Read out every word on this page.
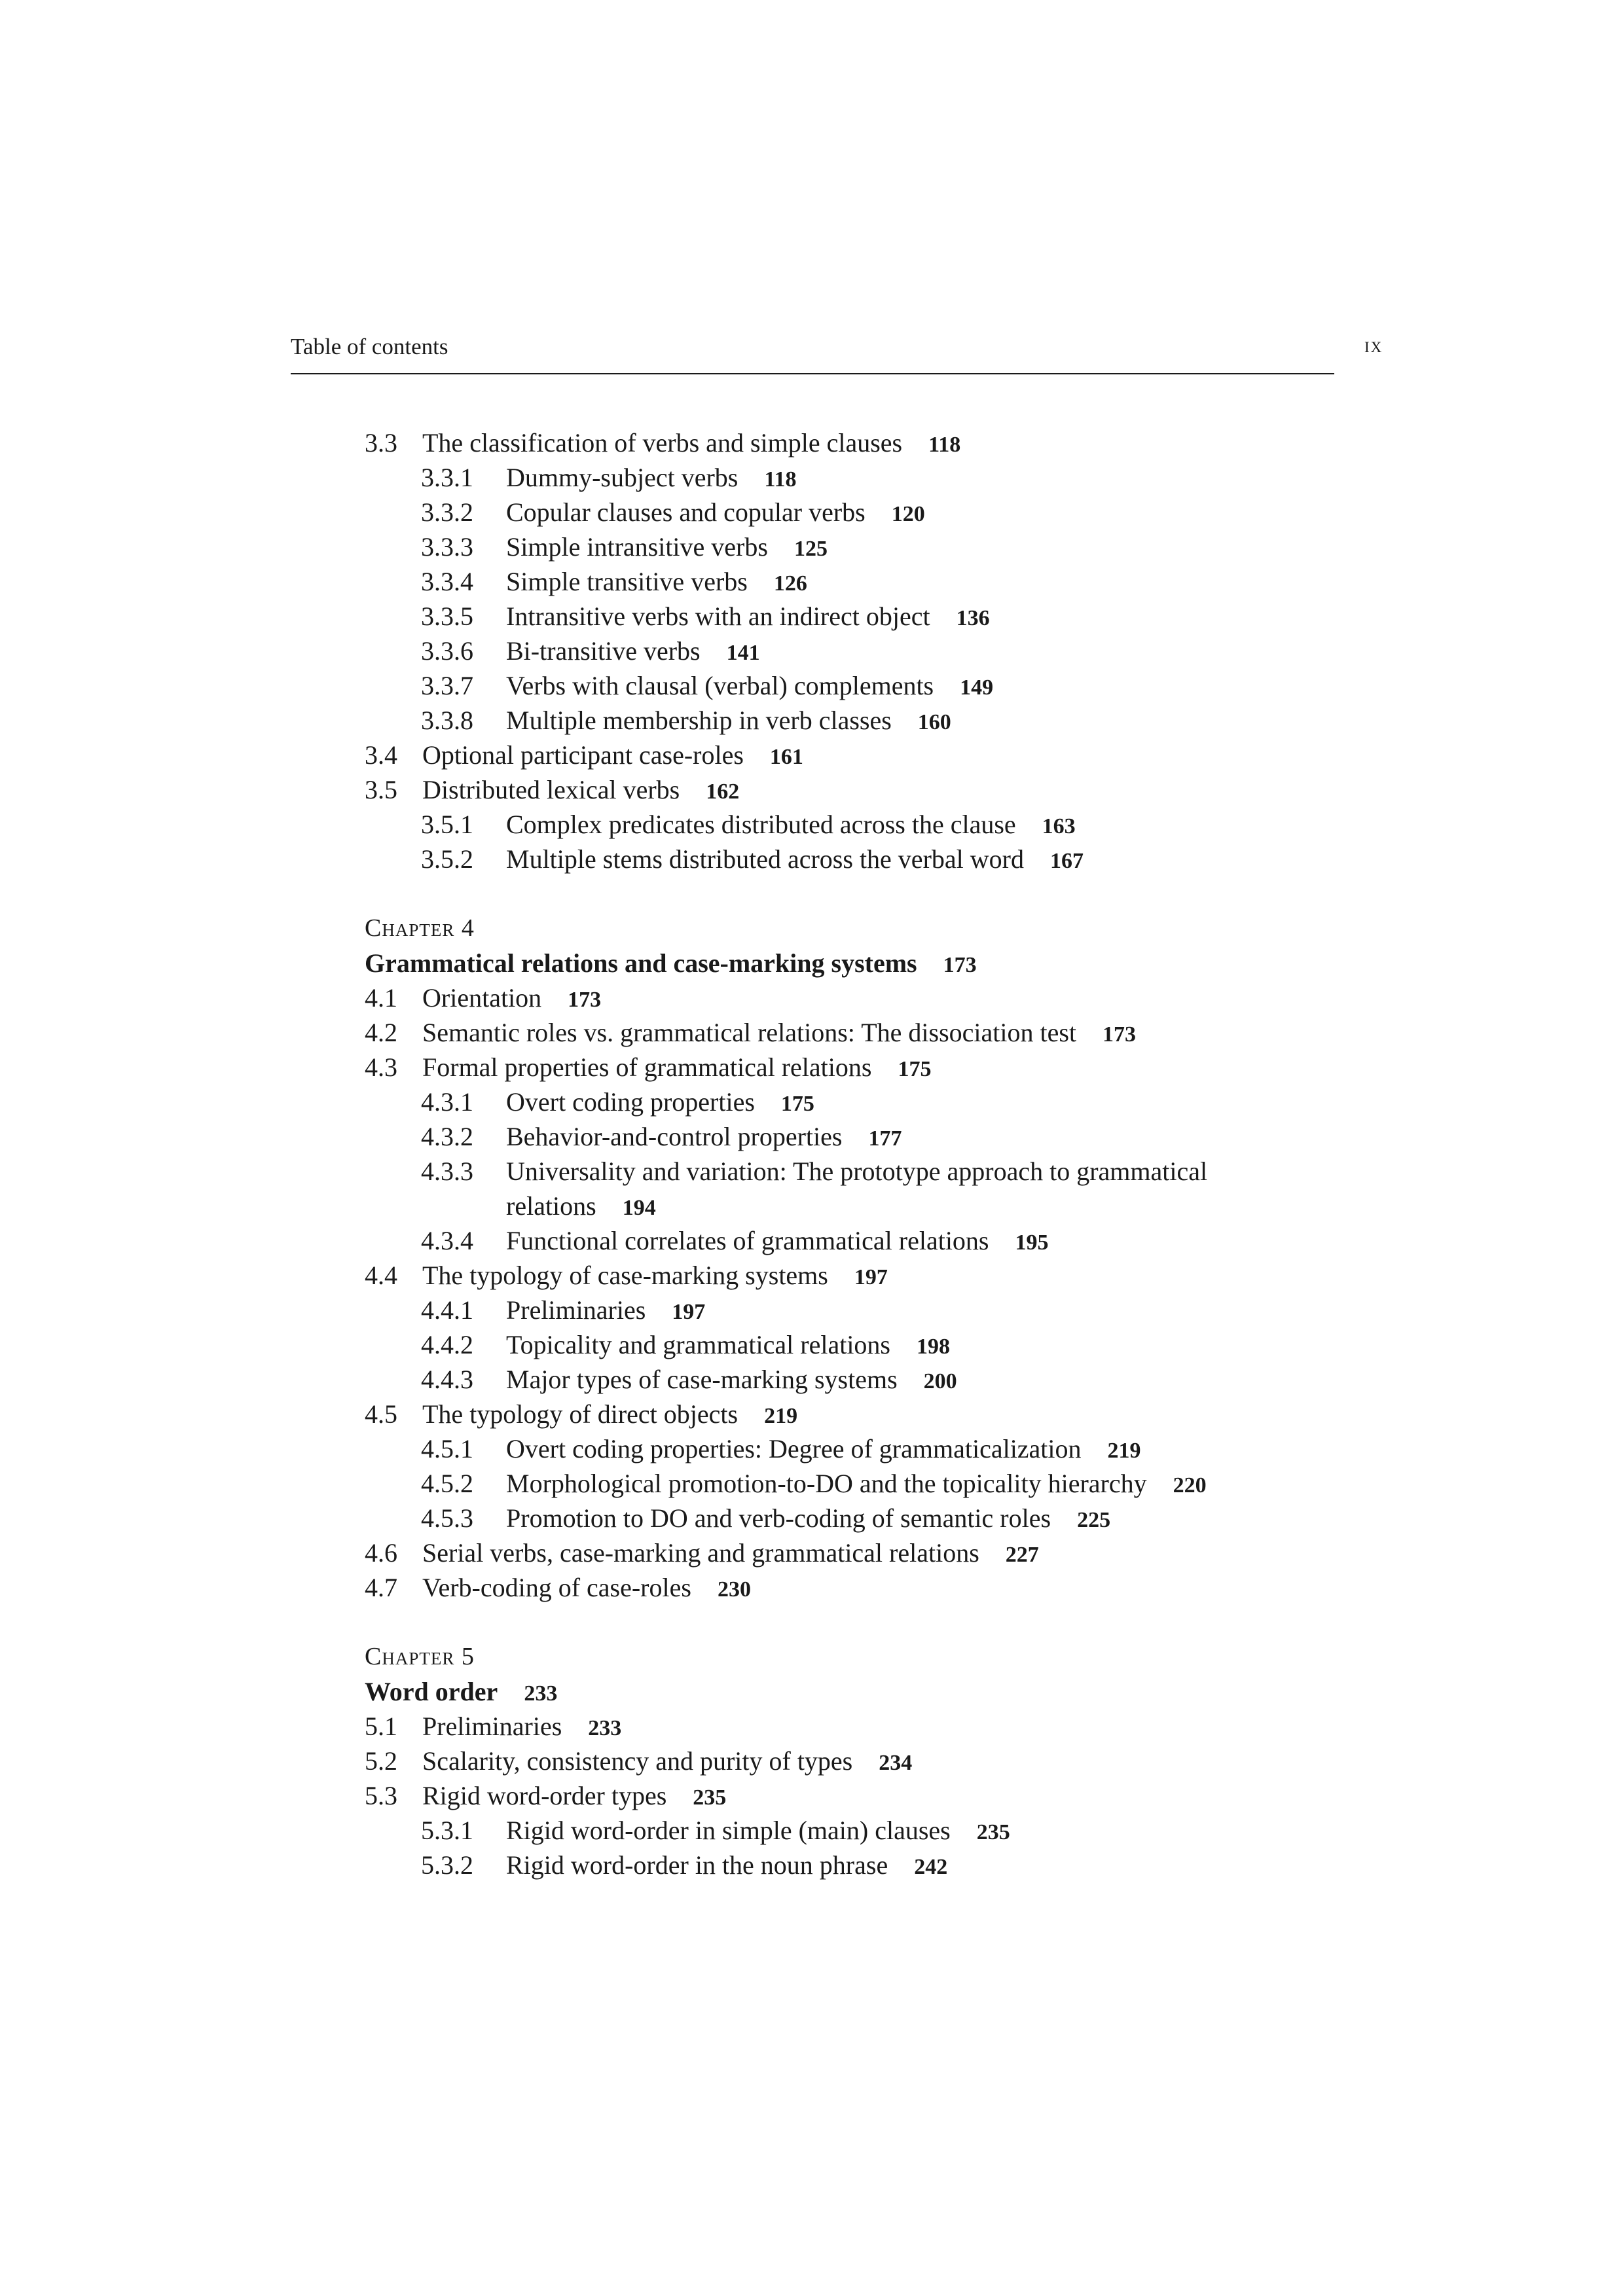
Table of contents	ix
3.3 The classification of verbs and simple clauses 118
3.3.1 Dummy-subject verbs 118
3.3.2 Copular clauses and copular verbs 120
3.3.3 Simple intransitive verbs 125
3.3.4 Simple transitive verbs 126
3.3.5 Intransitive verbs with an indirect object 136
3.3.6 Bi-transitive verbs 141
3.3.7 Verbs with clausal (verbal) complements 149
3.3.8 Multiple membership in verb classes 160
3.4 Optional participant case-roles 161
3.5 Distributed lexical verbs 162
3.5.1 Complex predicates distributed across the clause 163
3.5.2 Multiple stems distributed across the verbal word 167
Chapter 4
Grammatical relations and case-marking systems 173
4.1 Orientation 173
4.2 Semantic roles vs. grammatical relations: The dissociation test 173
4.3 Formal properties of grammatical relations 175
4.3.1 Overt coding properties 175
4.3.2 Behavior-and-control properties 177
4.3.3 Universality and variation: The prototype approach to grammatical
relations 194
4.3.4 Functional correlates of grammatical relations 195
4.4 The typology of case-marking systems 197
4.4.1 Preliminaries 197
4.4.2 Topicality and grammatical relations 198
4.4.3 Major types of case-marking systems 200
4.5 The typology of direct objects 219
4.5.1 Overt coding properties: Degree of grammaticalization 219
4.5.2 Morphological promotion-to-DO and the topicality hierarchy 220
4.5.3 Promotion to DO and verb-coding of semantic roles 225
4.6 Serial verbs, case-marking and grammatical relations 227
4.7 Verb-coding of case-roles 230
Chapter 5
Word order 233
5.1 Preliminaries 233
5.2 Scalarity, consistency and purity of types 234
5.3 Rigid word-order types 235
5.3.1 Rigid word-order in simple (main) clauses 235
5.3.2 Rigid word-order in the noun phrase 242
